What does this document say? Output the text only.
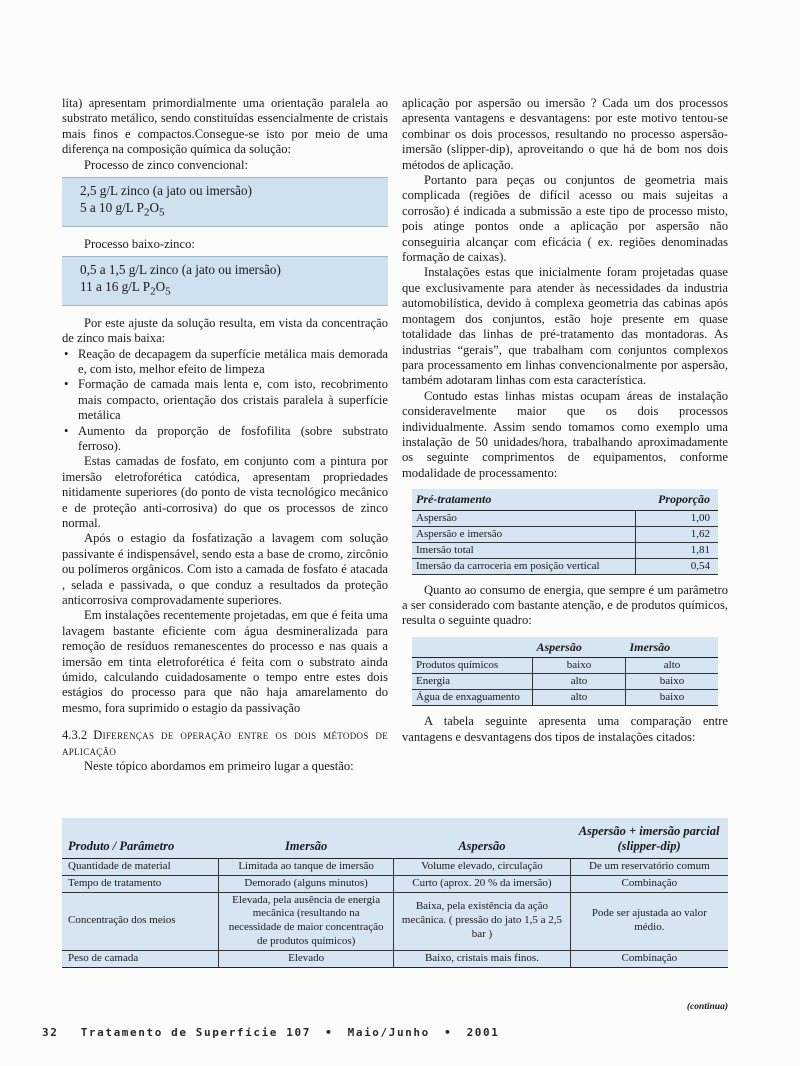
lita) apresentam primordialmente uma orientação paralela ao substrato metálico, sendo constituídas essencialmente de cristais mais finos e compactos.Consegue-se isto por meio de uma diferença na composição química da solução:

Processo de zinco convencional:

2,5 g/L zinco (a jato ou imersão)
5 a 10 g/L $P_2O_5$

Processo baixo-zinco:

0,5 a 1,5 g/L zinco (a jato ou imersão)
11 a 16 g/L $P_2O_5$

Por este ajuste da solução resulta, em vista da concentração de zinco mais baixa:

• Reação de decapagem da superfície metálica mais demorada e, com isto, melhor efeito de limpeza
• Formação de camada mais lenta e, com isto, recobrimento mais compacto, orientação dos cristais paralela à superfície metálica
• Aumento da proporção de fosfofilita (sobre substrato ferroso).

Estas camadas de fosfato, em conjunto com a pintura por imersão eletroforética catódica, apresentam propriedades nitidamente superiores (do ponto de vista tecnológico mecânico e de proteção anti-corrosiva) do que os processos de zinco normal.

Após o estagio da fosfatização a lavagem com solução passivante é indispensável, sendo esta a base de cromo, zircônio ou polímeros orgânicos. Com isto a camada de fosfato é atacada , selada e passivada, o que conduz a resultados da proteção anticorrosiva comprovadamente superiores.

Em instalações recentemente projetadas, em que é feita uma lavagem bastante eficiente com água desmineralizada para remoção de resíduos remanescentes do processo e nas quais a imersão em tinta eletroforética é feita com o substrato ainda úmido, calculando cuidadosamente o tempo entre estes dois estágios do processo para que não haja amarelamento do mesmo, fora suprimido o estagio da passivação

4.3.2 Diferenças de operação entre os dois métodos de aplicação

Neste tópico abordamos em primeiro lugar a questão:

aplicação por aspersão ou imersão ? Cada um dos processos apresenta vantagens e desvantagens: por este motivo tentou-se combinar os dois processos, resultando no processo aspersão-imersão (slipper-dip), aproveitando o que há de bom nos dois métodos de aplicação.

Portanto para peças ou conjuntos de geometria mais complicada (regiões de difícil acesso ou mais sujeitas a corrosão) é indicada a submissão a este tipo de processo misto, pois atinge pontos onde a aplicação por aspersão não conseguiria alcançar com eficácia ( ex. regiões denominadas formação de caixas).

Instalações estas que inicialmente foram projetadas quase que exclusivamente para atender às necessidades da industria automobilística, devido à complexa geometria das cabinas após montagem dos conjuntos, estão hoje presente em quase totalidade das linhas de pré-tratamento das montadoras. As industrias “gerais”, que trabalham com conjuntos complexos para processamento em linhas convencionalmente por aspersão, também adotaram linhas com esta característica.

Contudo estas linhas mistas ocupam áreas de instalação consideravelmente maior que os dois processos individualmente. Assim sendo tomamos como exemplo uma instalação de 50 unidades/hora, trabalhando aproximadamente os seguinte comprimentos de equipamentos, conforme modalidade de processamento:

Pré-tratamento	Proporção
Aspersão	1,00
Aspersão e imersão	1,62
Imersão total	1,81
Imersão da carroceria em posição vertical	0,54

Quanto ao consumo de energia, que sempre é um parâmetro a ser considerado com bastante atenção, e de produtos químicos, resulta o seguinte quadro:

	Aspersão	Imersão
Produtos químicos	baixo	alto
Energia	alto	baixo
Água de enxaguamento	alto	baixo

A tabela seguinte apresenta uma comparação entre vantagens e desvantagens dos tipos de instalações citados:

Produto / Parâmetro	Imersão	Aspersão	Aspersão + imersão parcial (slipper-dip)
Quantidade de material	Limitada ao tanque de imersão	Volume elevado, circulação	De um reservatório comum
Tempo de tratamento	Demorado (alguns minutos)	Curto (aprox. 20 % da imersão)	Combinação
Concentração dos meios	Elevada, pela ausência de energia mecânica (resultando na necessidade de maior concentração de produtos químicos)	Baixa, pela existência da ação mecânica. ( pressão do jato 1,5 a 2,5 bar )	Pode ser ajustada ao valor médio.
Peso de camada	Elevado	Baixo, cristais mais finos.	Combinação
(continua)
32 Tratamento de Superfície 107 • Maio/Junho • 2001
